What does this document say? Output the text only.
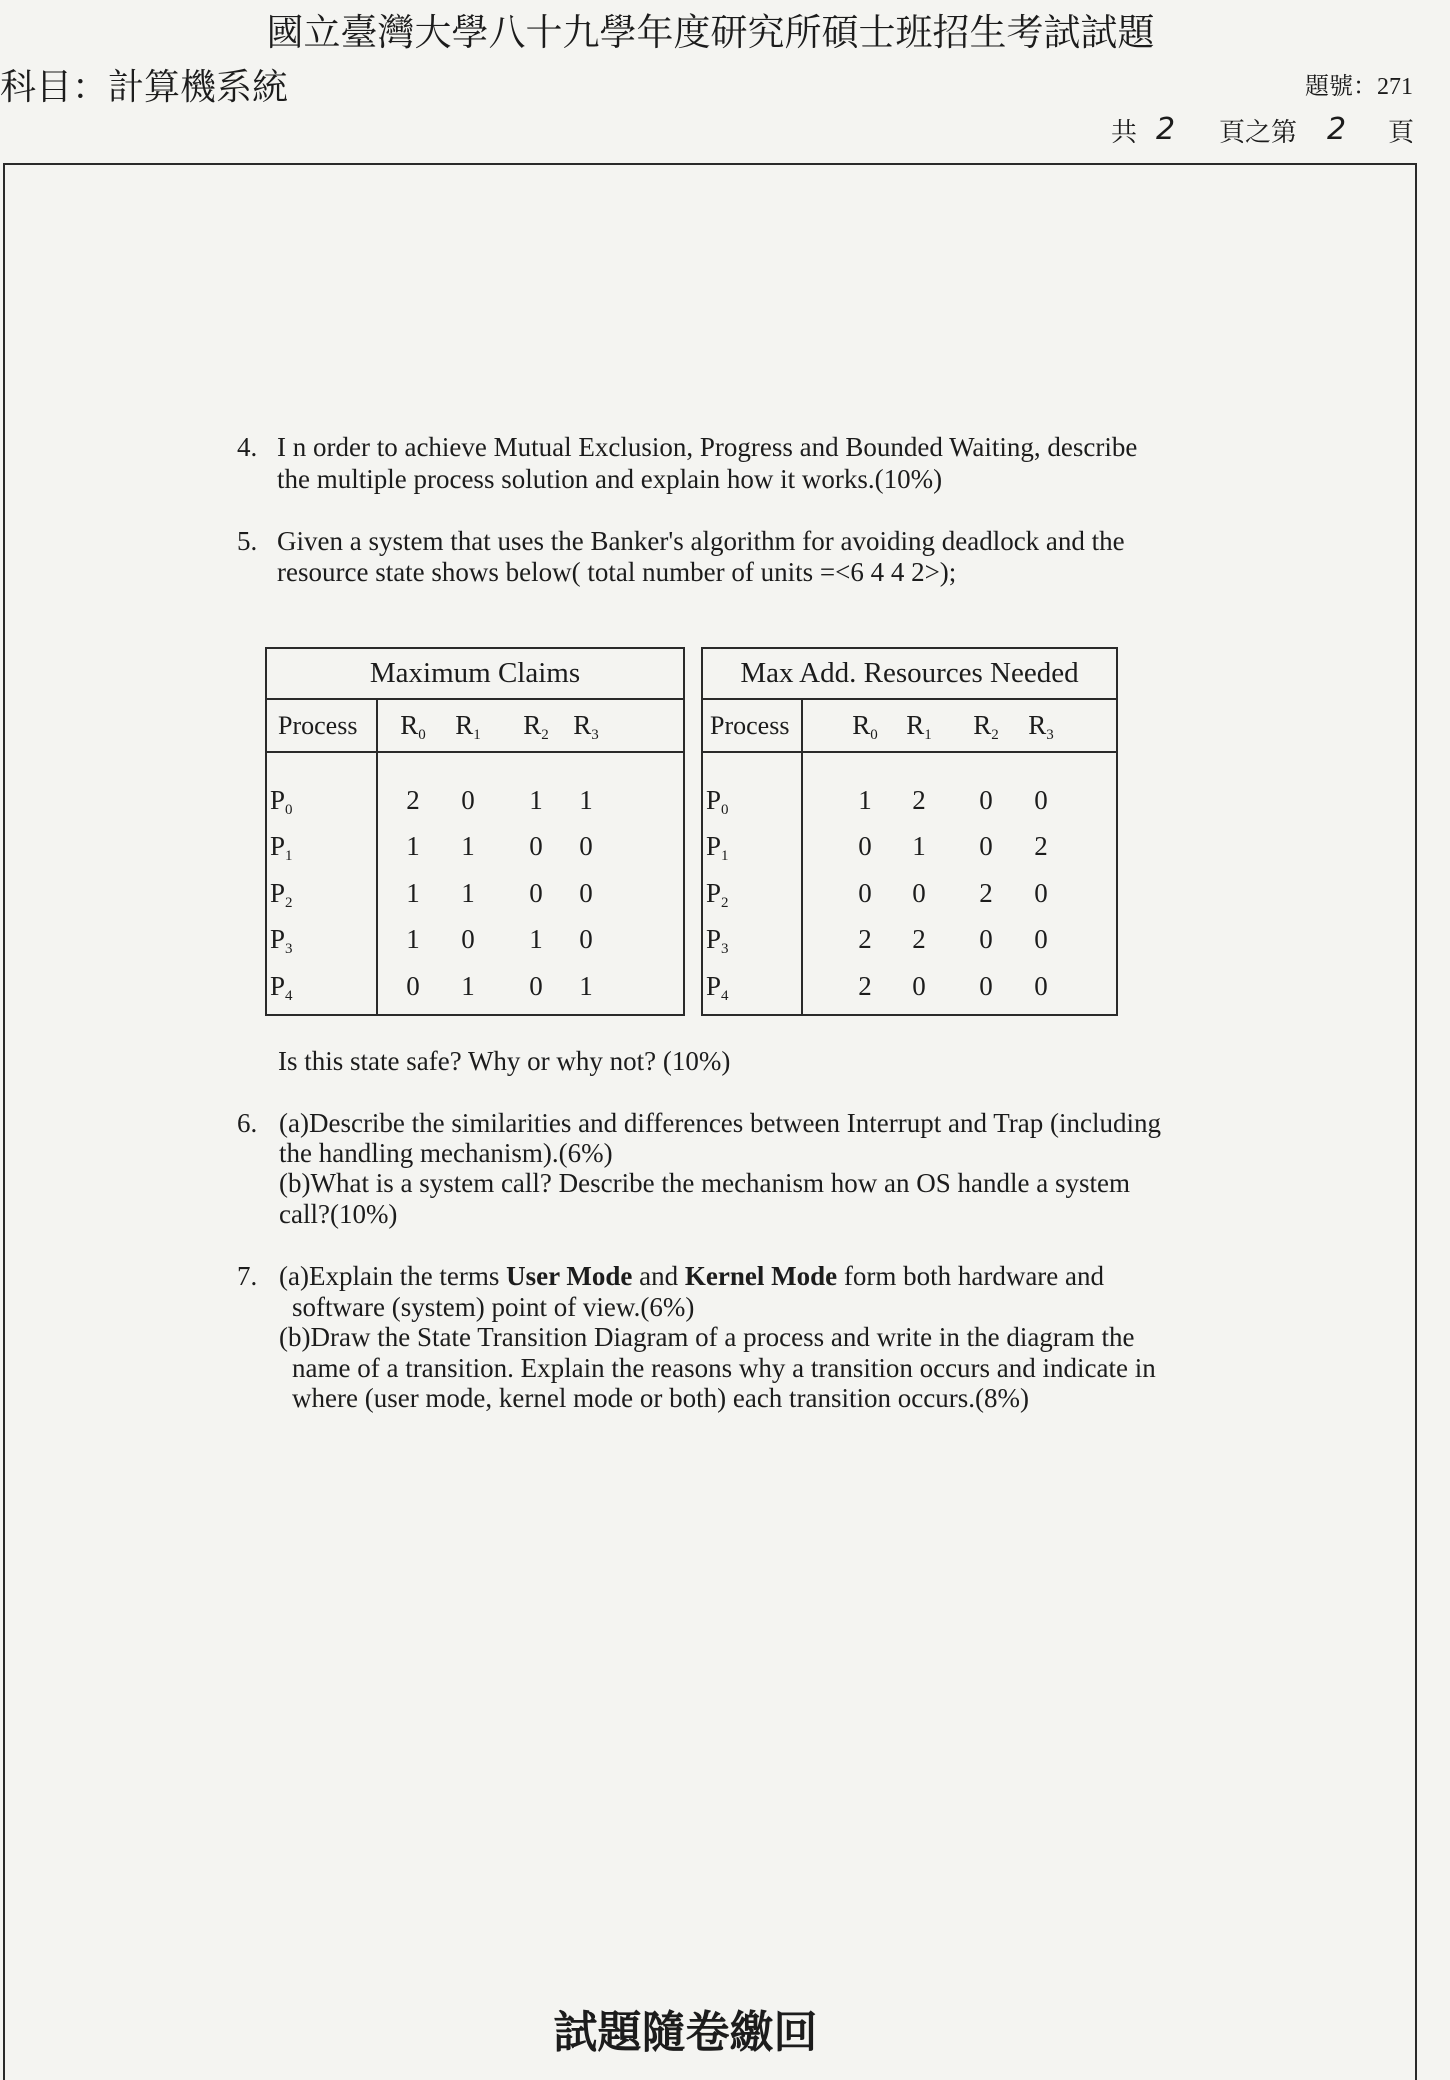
國立臺灣大學八十九學年度研究所碩士班招生考試試題
科目：計算機系統	題號：271
共 2 頁之第 2 頁
4. I n order to achieve Mutual Exclusion, Progress and Bounded Waiting, describe
the multiple process solution and explain how it works.(10%)
5. Given a system that uses the Banker's algorithm for avoiding deadlock and the
resource state shows below( total number of units =<6 4 4 2>);
Maximum Claims
Process	$R_0$	$R_1$	$R_2$ $R_3$
$P_0$	2	0	1	1
$P_1$	1	1	0	0
$P_2$	1	1	0	0
$P_3$	1	0	1	0
$P_4$	0	1	0	1
Max Add. Resources Needed
Process	$R_0$	$R_1$	$R_2$	$R_3$
$P_0$	1	2	0	0
$P_1$	0	1	0	2
$P_2$	0	0	2	0
$P_3$	2	2	0	0
$P_4$	2	0	0	0
Is this state safe? Why or why not? (10%)
6. (a)Describe the similarities and differences between Interrupt and Trap (including
the handling mechanism).(6%)
(b)What is a system call? Describe the mechanism how an OS handle a system
call?(10%)
7. (a)Explain the terms User Mode and Kernel Mode form both hardware and
software (system) point of view.(6%)
(b)Draw the State Transition Diagram of a process and write in the diagram the
name of a transition. Explain the reasons why a transition occurs and indicate in
where (user mode, kernel mode or both) each transition occurs.(8%)
試題隨卷繳回
